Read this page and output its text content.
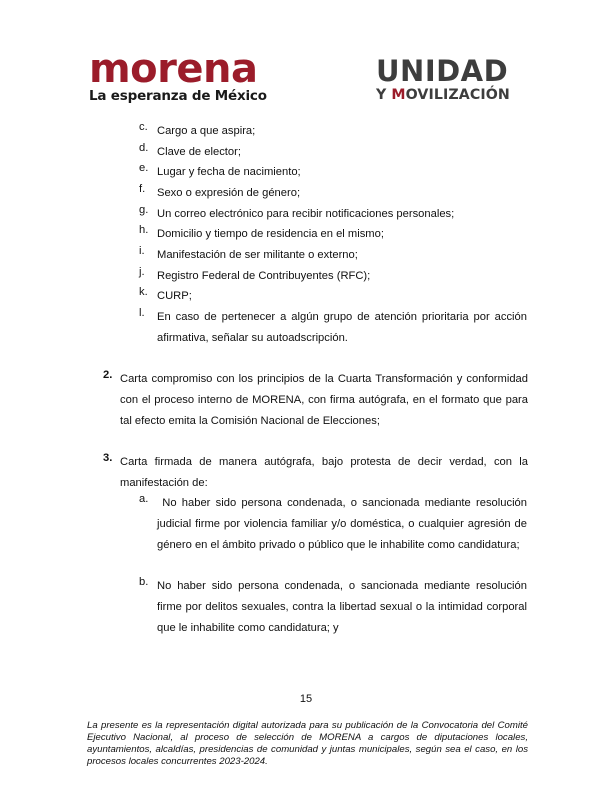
morena
La esperanza de México
UNIDAD
Y MOVILIZACIÓN
c. Cargo a que aspira;
d. Clave de elector;
e. Lugar y fecha de nacimiento;
f. Sexo o expresión de género;
g. Un correo electrónico para recibir notificaciones personales;
h. Domicilio y tiempo de residencia en el mismo;
i. Manifestación de ser militante o externo;
j. Registro Federal de Contribuyentes (RFC);
k. CURP;
l. En caso de pertenecer a algún grupo de atención prioritaria por acción afirmativa, señalar su autoadscripción.
2. Carta compromiso con los principios de la Cuarta Transformación y conformidad con el proceso interno de MORENA, con firma autógrafa, en el formato que para tal efecto emita la Comisión Nacional de Elecciones;
3. Carta firmada de manera autógrafa, bajo protesta de decir verdad, con la manifestación de:
a. No haber sido persona condenada, o sancionada mediante resolución judicial firme por violencia familiar y/o doméstica, o cualquier agresión de género en el ámbito privado o público que le inhabilite como candidatura;
b. No haber sido persona condenada, o sancionada mediante resolución firme por delitos sexuales, contra la libertad sexual o la intimidad corporal que le inhabilite como candidatura; y
15
La presente es la representación digital autorizada para su publicación de la Convocatoria del Comité Ejecutivo Nacional, al proceso de selección de MORENA a cargos de diputaciones locales, ayuntamientos, alcaldías, presidencias de comunidad y juntas municipales, según sea el caso, en los procesos locales concurrentes 2023-2024.
